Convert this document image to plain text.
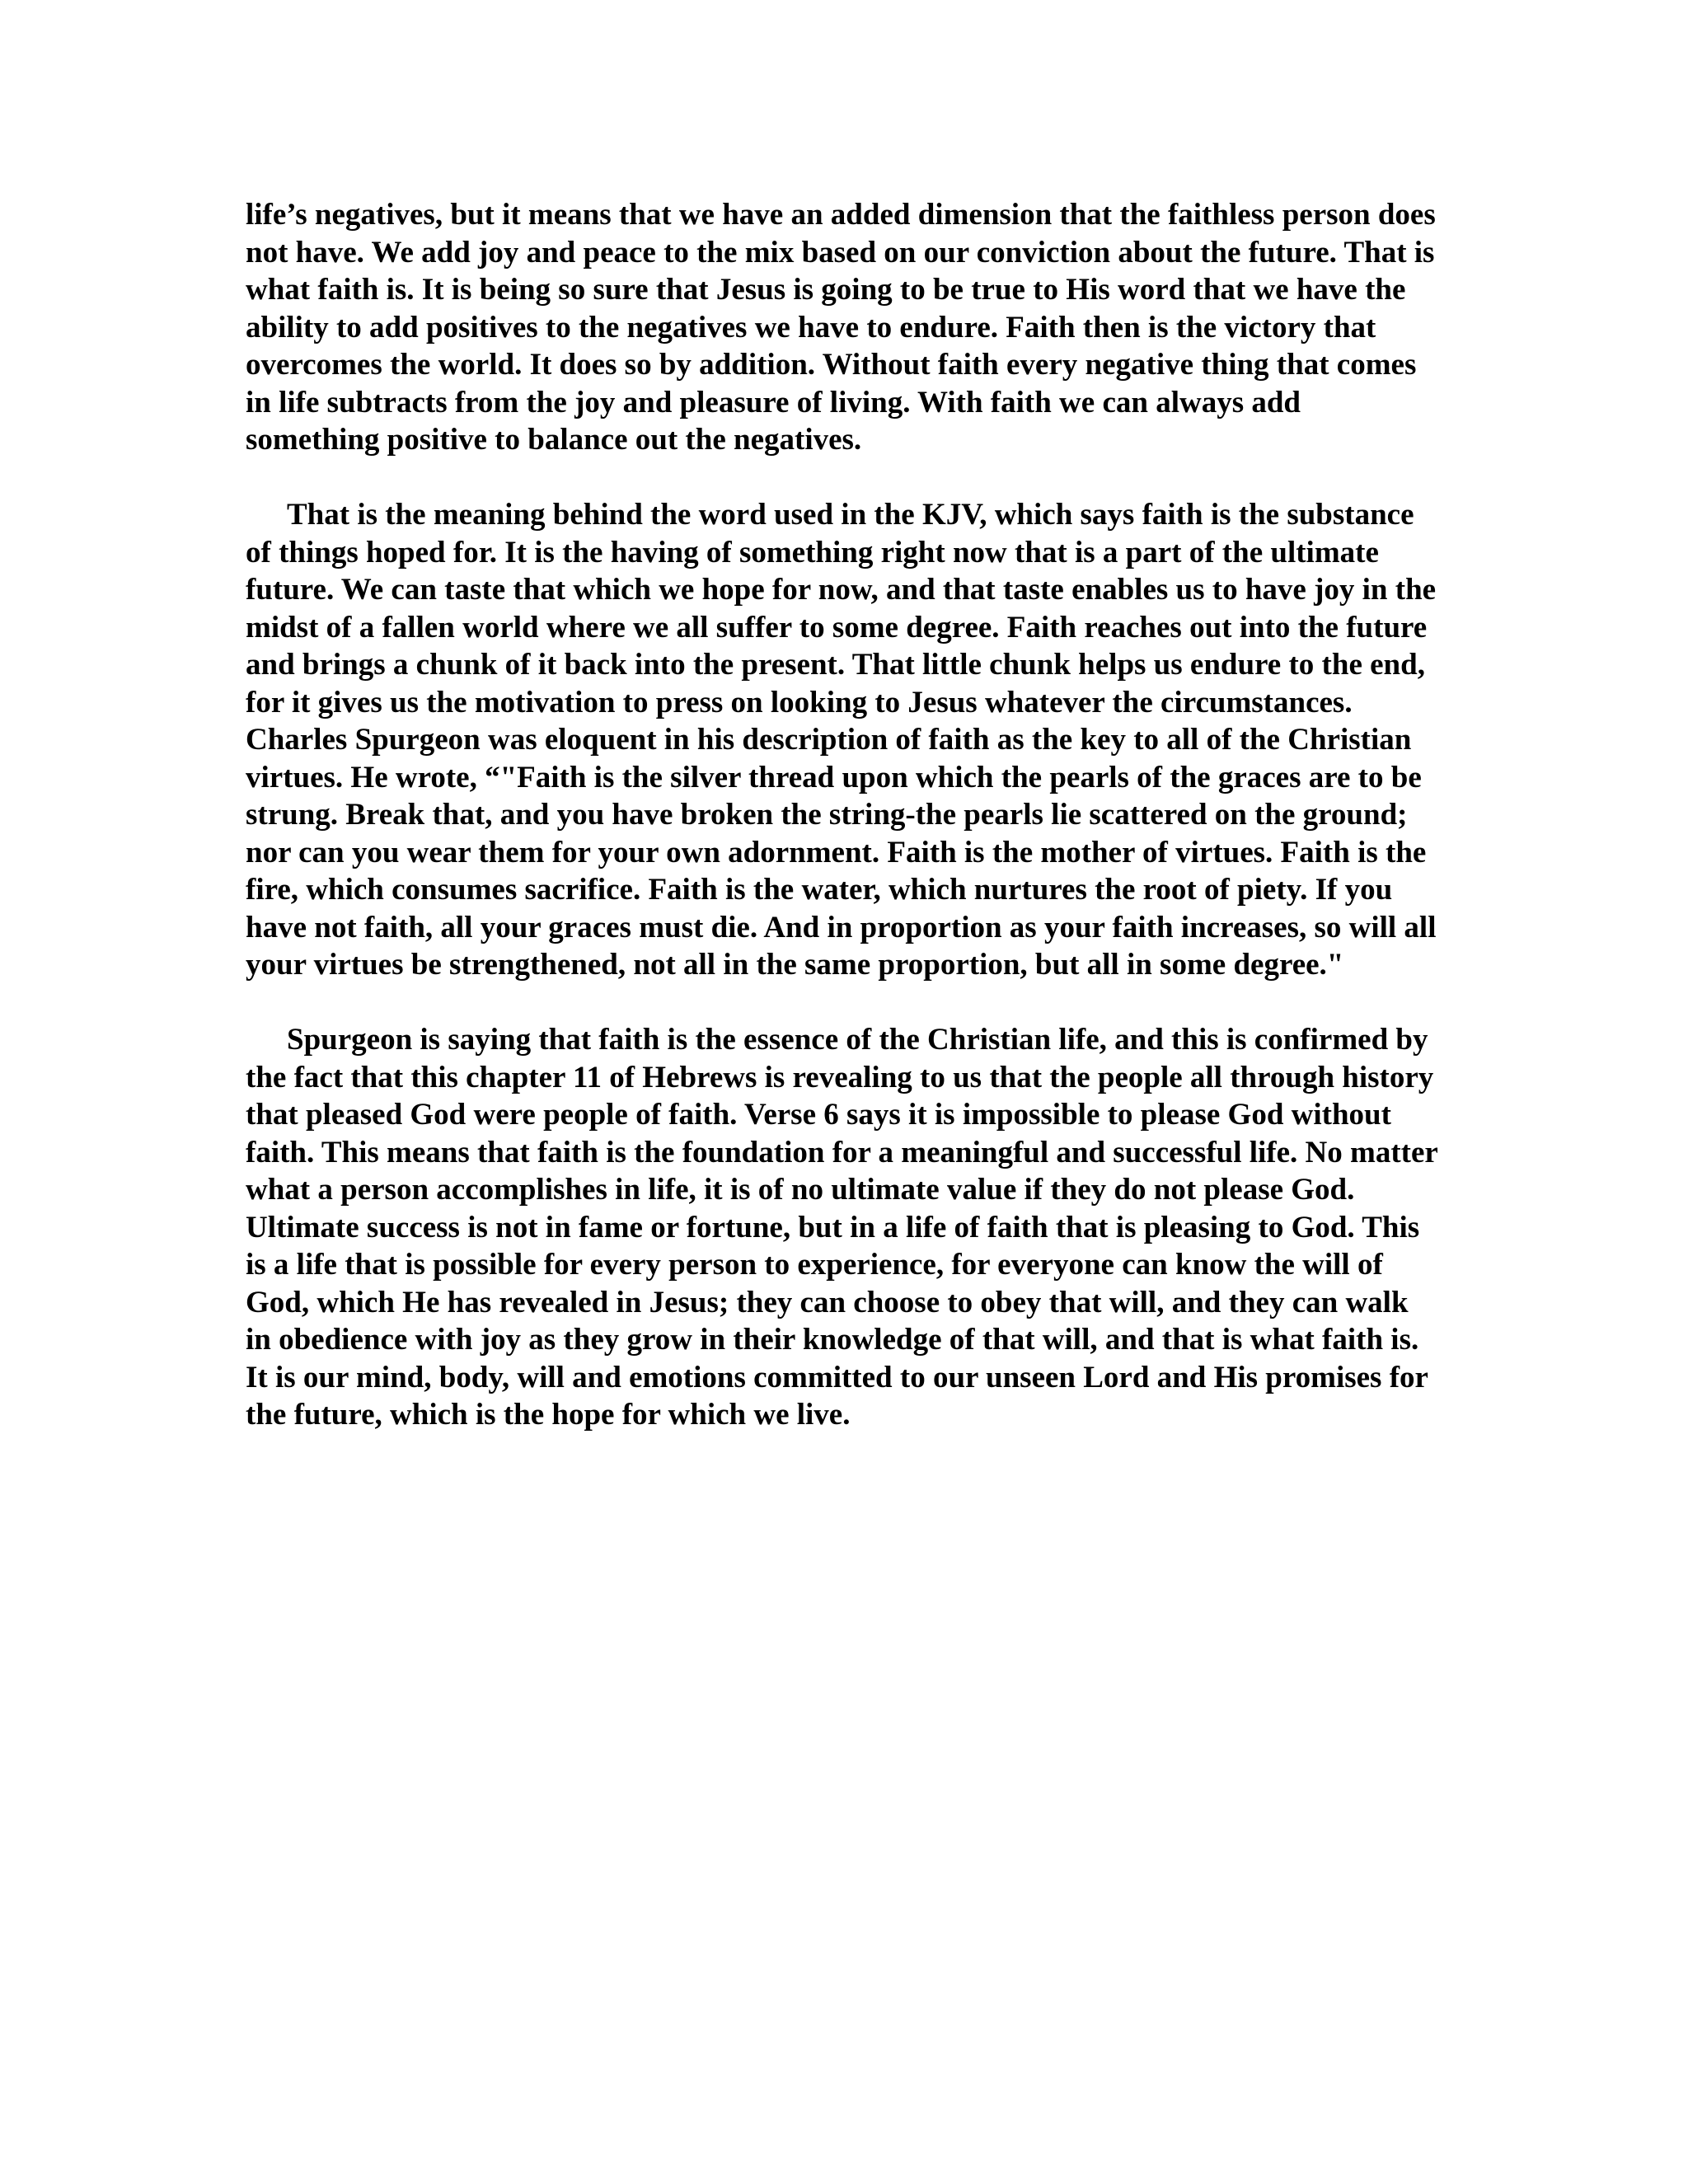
life’s negatives, but it means that we have an added dimension that the faithless person does not have. We add joy and peace to the mix based on our conviction about the future. That is what faith is. It is being so sure that Jesus is going to be true to His word that we have the ability to add positives to the negatives we have to endure. Faith then is the victory that overcomes the world. It does so by addition. Without faith every negative thing that comes in life subtracts from the joy and pleasure of living. With faith we can always add something positive to balance out the negatives.

That is the meaning behind the word used in the KJV, which says faith is the substance of things hoped for. It is the having of something right now that is a part of the ultimate future. We can taste that which we hope for now, and that taste enables us to have joy in the midst of a fallen world where we all suffer to some degree. Faith reaches out into the future and brings a chunk of it back into the present. That little chunk helps us endure to the end, for it gives us the motivation to press on looking to Jesus whatever the circumstances. Charles Spurgeon was eloquent in his description of faith as the key to all of the Christian virtues. He wrote, “"Faith is the silver thread upon which the pearls of the graces are to be strung. Break that, and you have broken the string-the pearls lie scattered on the ground; nor can you wear them for your own adornment. Faith is the mother of virtues. Faith is the fire, which consumes sacrifice. Faith is the water, which nurtures the root of piety. If you have not faith, all your graces must die. And in proportion as your faith increases, so will all your virtues be strengthened, not all in the same proportion, but all in some degree."

Spurgeon is saying that faith is the essence of the Christian life, and this is confirmed by the fact that this chapter 11 of Hebrews is revealing to us that the people all through history that pleased God were people of faith. Verse 6 says it is impossible to please God without faith. This means that faith is the foundation for a meaningful and successful life. No matter what a person accomplishes in life, it is of no ultimate value if they do not please God. Ultimate success is not in fame or fortune, but in a life of faith that is pleasing to God. This is a life that is possible for every person to experience, for everyone can know the will of God, which He has revealed in Jesus; they can choose to obey that will, and they can walk in obedience with joy as they grow in their knowledge of that will, and that is what faith is. It is our mind, body, will and emotions committed to our unseen Lord and His promises for the future, which is the hope for which we live.
